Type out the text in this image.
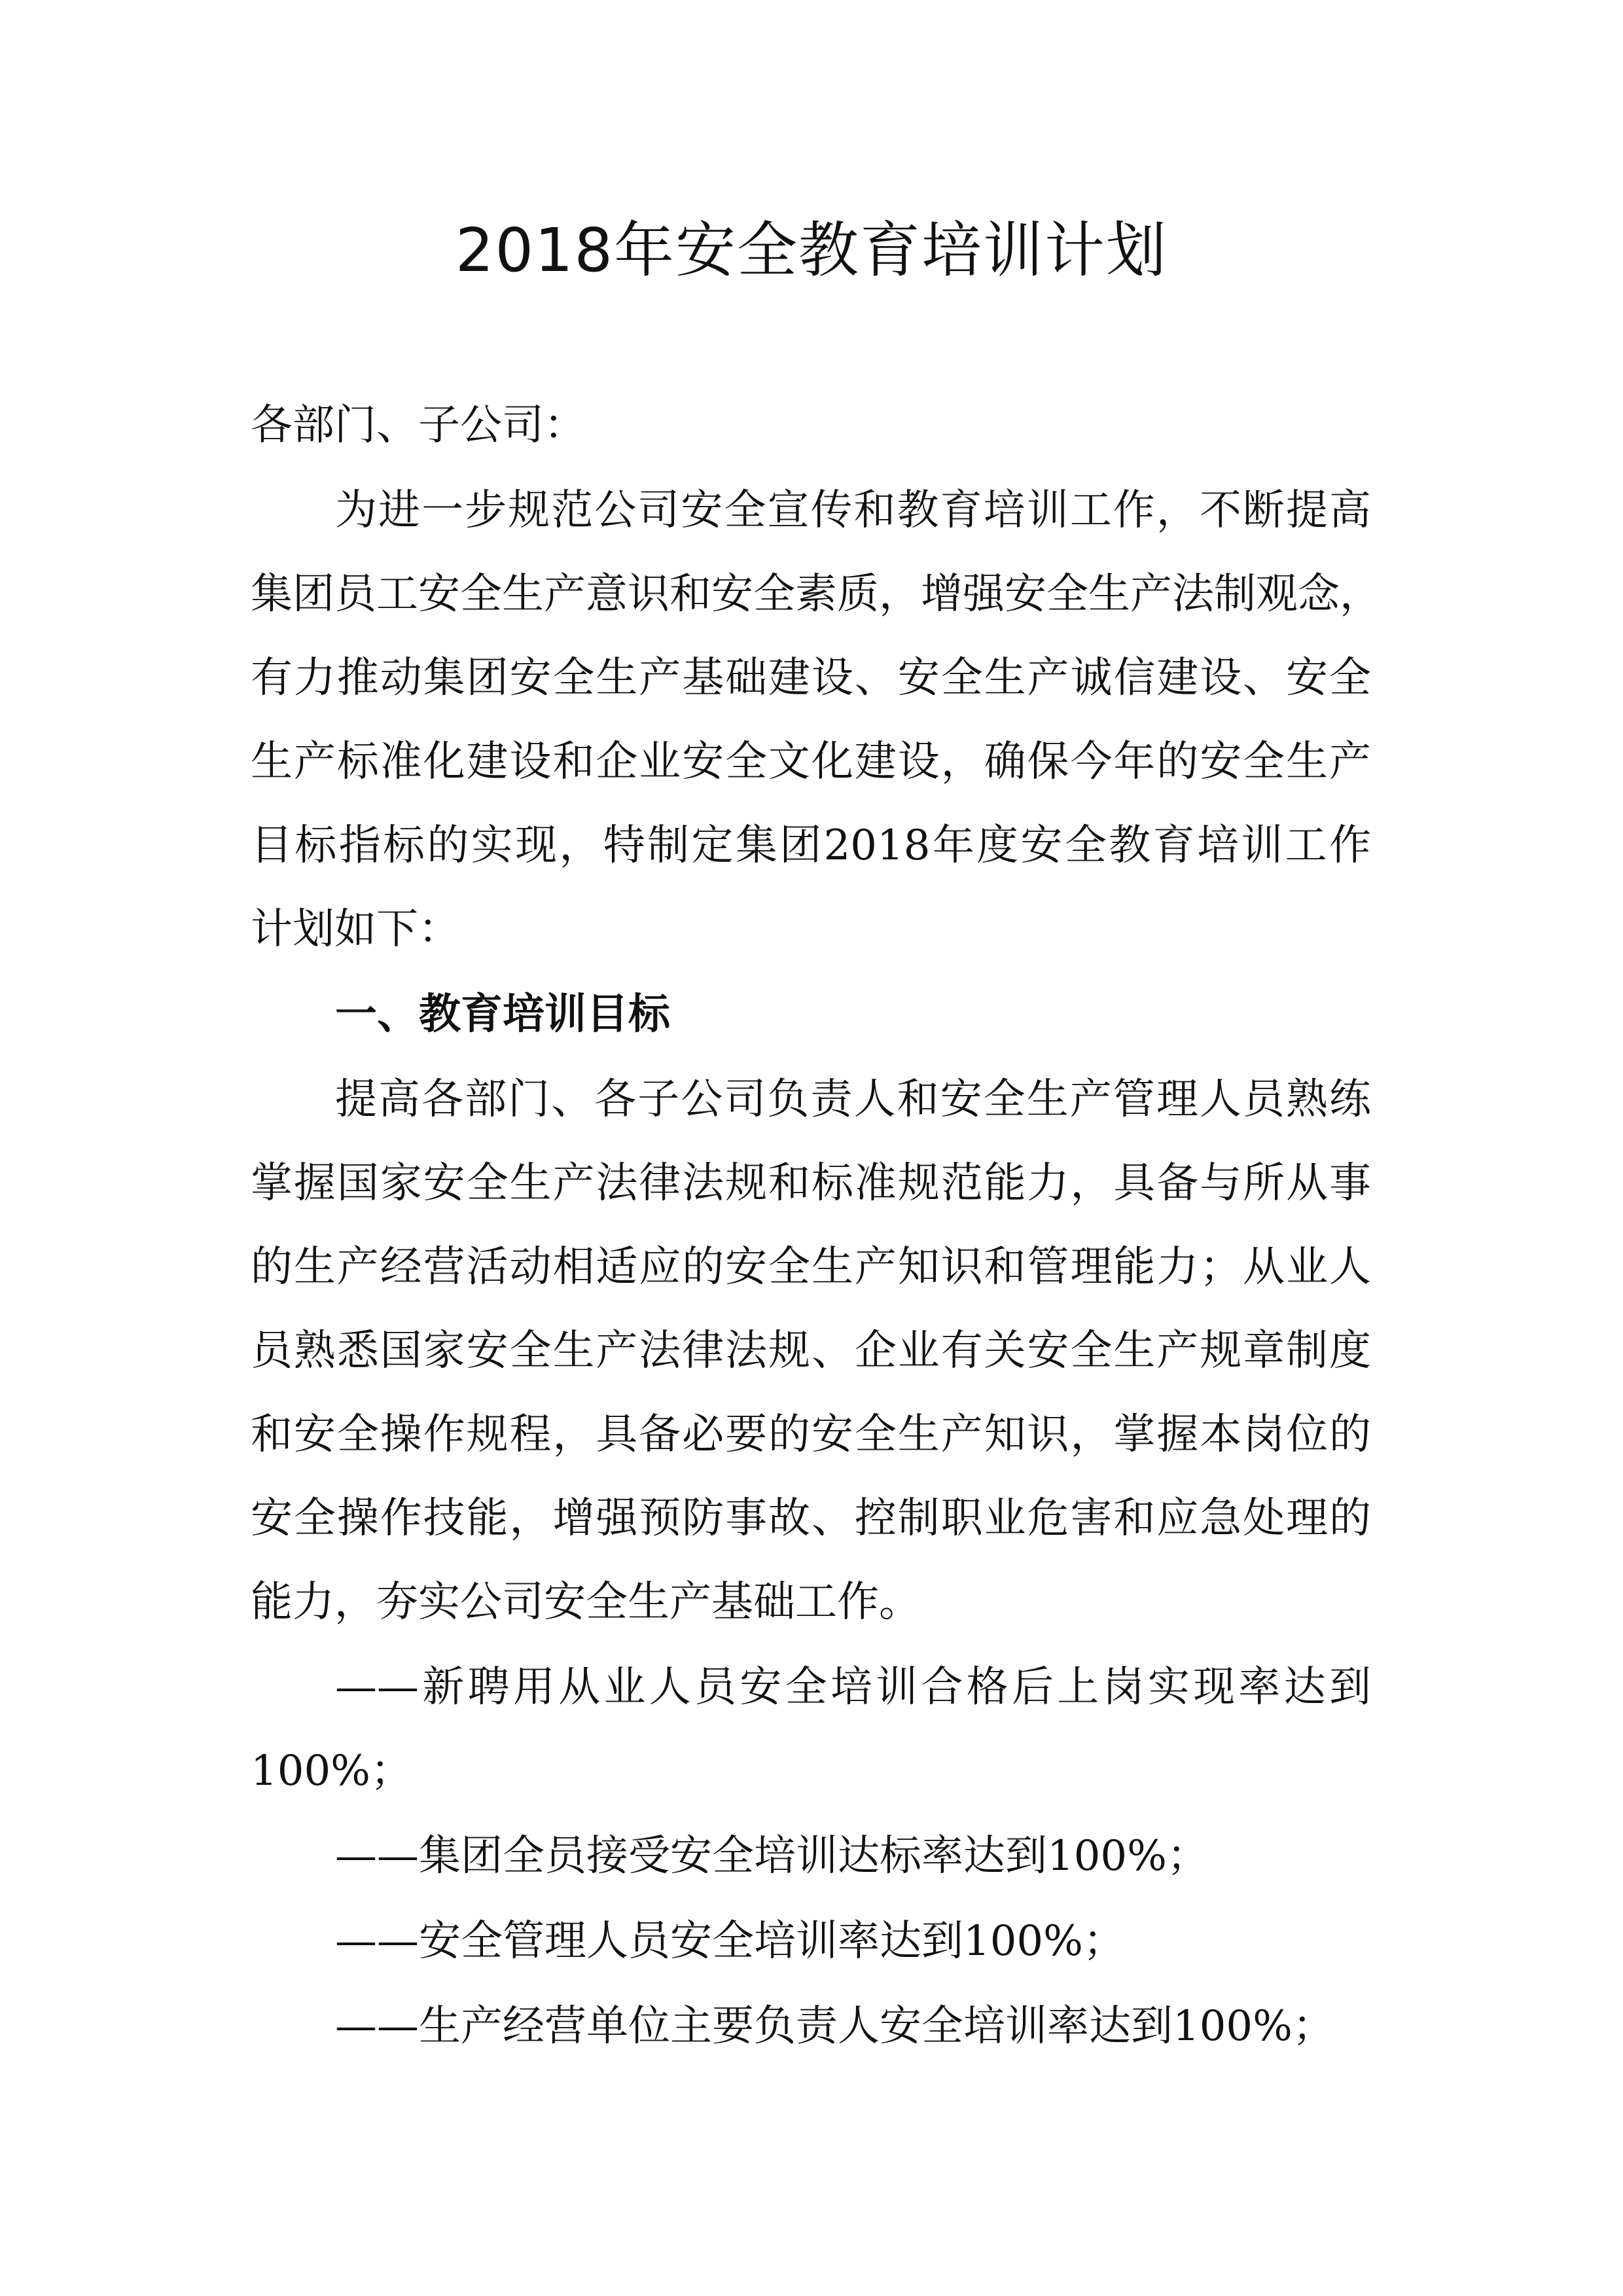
2018年安全教育培训计划
各部门、子公司：
为进一步规范公司安全宣传和教育培训工作，不断提高
集团员工安全生产意识和安全素质，增强安全生产法制观念，
有力推动集团安全生产基础建设、安全生产诚信建设、安全
生产标准化建设和企业安全文化建设，确保今年的安全生产
目标指标的实现，特制定集团2018年度安全教育培训工作
计划如下：
一、教育培训目标
提高各部门、各子公司负责人和安全生产管理人员熟练
掌握国家安全生产法律法规和标准规范能力，具备与所从事
的生产经营活动相适应的安全生产知识和管理能力；从业人
员熟悉国家安全生产法律法规、企业有关安全生产规章制度
和安全操作规程，具备必要的安全生产知识，掌握本岗位的
安全操作技能，增强预防事故、控制职业危害和应急处理的
能力，夯实公司安全生产基础工作。
——新聘用从业人员安全培训合格后上岗实现率达到
100%；
——集团全员接受安全培训达标率达到100%；
——安全管理人员安全培训率达到100%；
——生产经营单位主要负责人安全培训率达到100%；
